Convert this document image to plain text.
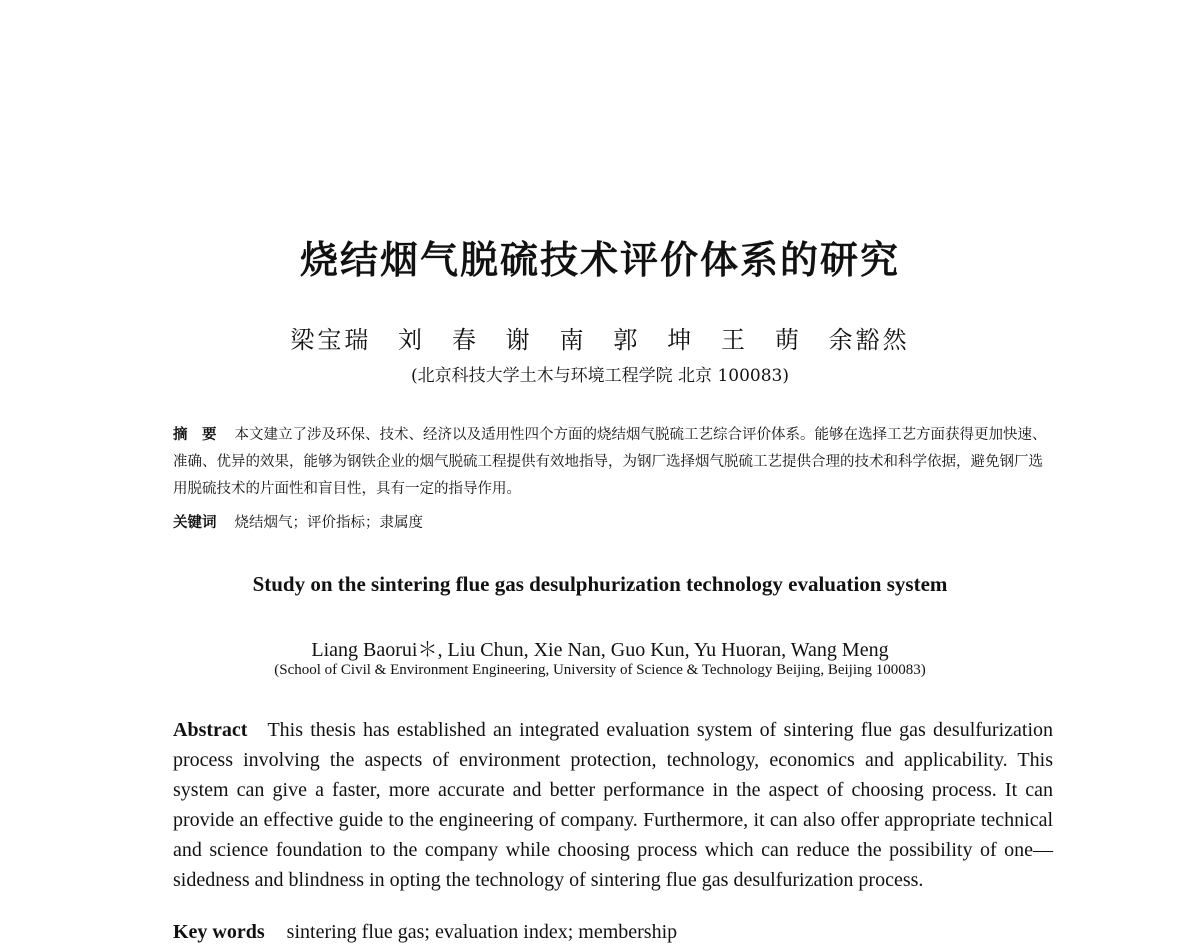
烧结烟气脱硫技术评价体系的研究
梁宝瑞 刘　春 谢　南 郭　坤 王　萌 余豁然
(北京科技大学土木与环境工程学院 北京 100083)
摘　要 本文建立了涉及环保、技术、经济以及适用性四个方面的烧结烟气脱硫工艺综合评价体系。能够在选择工艺方面获得更加快速、准确、优异的效果，能够为钢铁企业的烟气脱硫工程提供有效地指导，为钢厂选择烟气脱硫工艺提供合理的技术和科学依据，避免钢厂选用脱硫技术的片面性和盲目性，具有一定的指导作用。
关键词 烧结烟气；评价指标；隶属度
Study on the sintering flue gas desulphurization technology evaluation system
Liang Baorui＊, Liu Chun, Xie Nan, Guo Kun, Yu Huoran, Wang Meng
(School of Civil & Environment Engineering, University of Science & Technology Beijing, Beijing 100083)
Abstract This thesis has established an integrated evaluation system of sintering flue gas desulfurization process involving the aspects of environment protection, technology, economics and applicability. This system can give a faster, more accurate and better performance in the aspect of choosing process. It can provide an effective guide to the engineering of company. Furthermore, it can also offer appropriate technical and science foundation to the company while choosing process which can reduce the possibility of one—sidedness and blindness in opting the technology of sintering flue gas desulfurization process.
Key words sintering flue gas; evaluation index; membership
